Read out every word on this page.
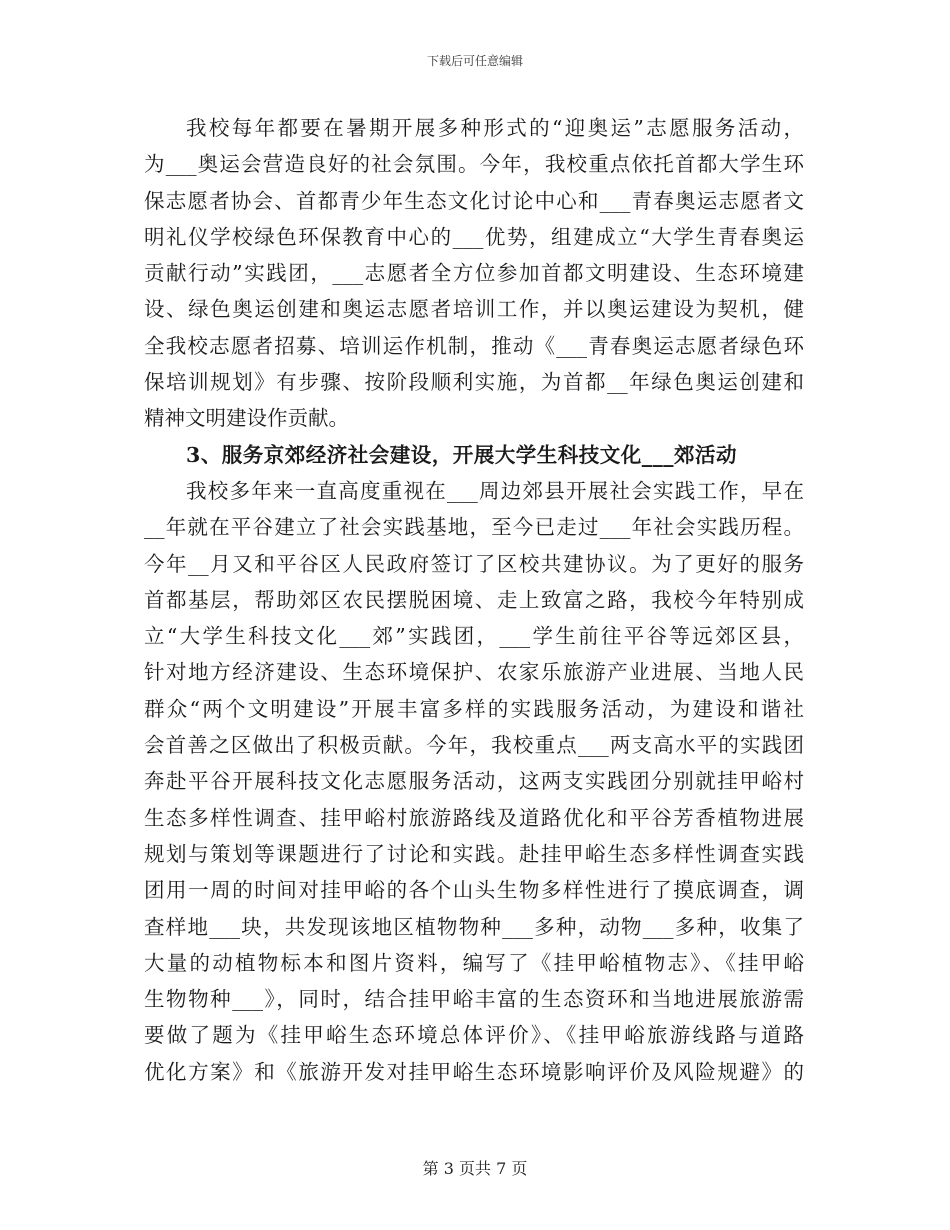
下载后可任意编辑
我校每年都要在暑期开展多种形式的“迎奥运”志愿服务活动，
为___奥运会营造良好的社会氛围。今年，我校重点依托首都大学生环
保志愿者协会、首都青少年生态文化讨论中心和___青春奥运志愿者文
明礼仪学校绿色环保教育中心的___优势，组建成立“大学生青春奥运
贡献行动”实践团，___志愿者全方位参加首都文明建设、生态环境建
设、绿色奥运创建和奥运志愿者培训工作，并以奥运建设为契机，健
全我校志愿者招募、培训运作机制，推动《___青春奥运志愿者绿色环
保培训规划》有步骤、按阶段顺利实施，为首都__年绿色奥运创建和
精神文明建设作贡献。
3、服务京郊经济社会建设，开展大学生科技文化___郊活动
我校多年来一直高度重视在___周边郊县开展社会实践工作，早在
__年就在平谷建立了社会实践基地，至今已走过___年社会实践历程。
今年__月又和平谷区人民政府签订了区校共建协议。为了更好的服务
首都基层，帮助郊区农民摆脱困境、走上致富之路，我校今年特别成
立“大学生科技文化___郊”实践团，___学生前往平谷等远郊区县，
针对地方经济建设、生态环境保护、农家乐旅游产业进展、当地人民
群众“两个文明建设”开展丰富多样的实践服务活动，为建设和谐社
会首善之区做出了积极贡献。今年，我校重点___两支高水平的实践团
奔赴平谷开展科技文化志愿服务活动，这两支实践团分别就挂甲峪村
生态多样性调查、挂甲峪村旅游路线及道路优化和平谷芳香植物进展
规划与策划等课题进行了讨论和实践。赴挂甲峪生态多样性调查实践
团用一周的时间对挂甲峪的各个山头生物多样性进行了摸底调查，调
查样地___块，共发现该地区植物物种___多种，动物___多种，收集了
大量的动植物标本和图片资料，编写了《挂甲峪植物志》、《挂甲峪
生物物种___》，同时，结合挂甲峪丰富的生态资环和当地进展旅游需
要做了题为《挂甲峪生态环境总体评价》、《挂甲峪旅游线路与道路
优化方案》和《旅游开发对挂甲峪生态环境影响评价及风险规避》的
第 3 页共 7 页
